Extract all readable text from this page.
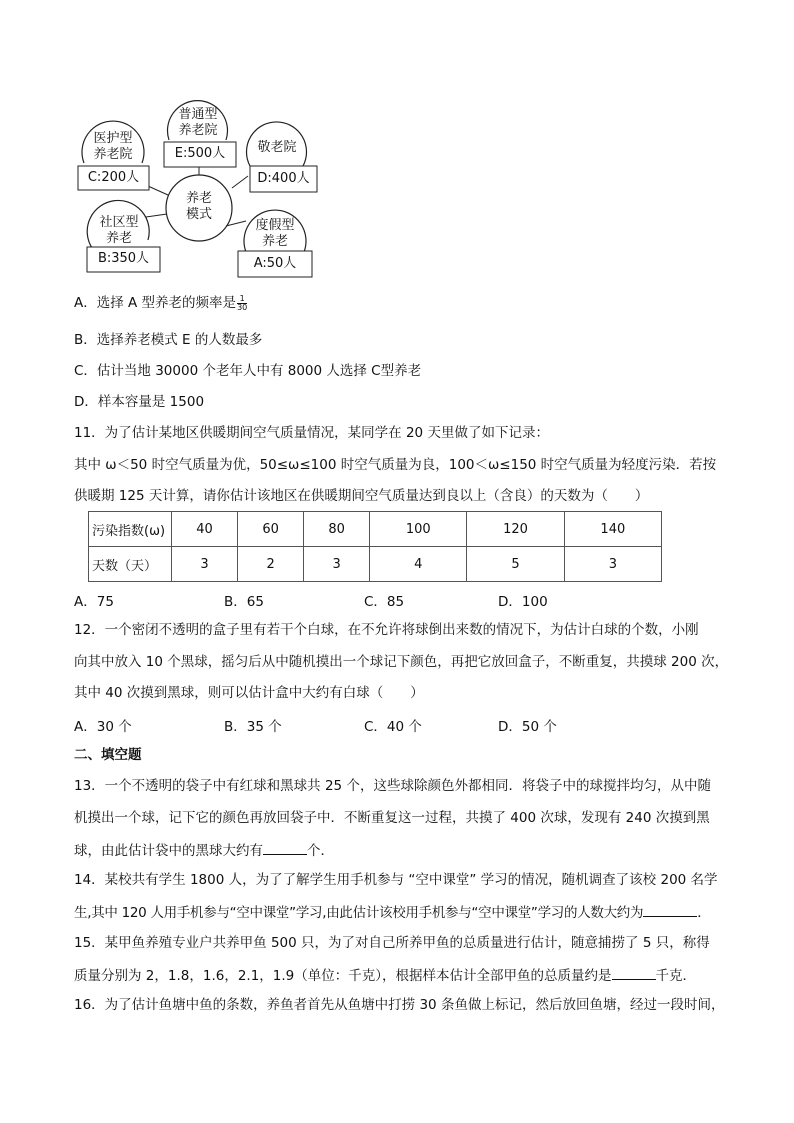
养老
模式
医护型
养老院
C:200人
普通型
养老院
E:500人	敬老院
D:400人
社区型
养老
B:350人
度假型
养老
A:50人
A．选择 A 型养老的频率是 $\frac{1}{30}$
B．选择养老模式 E 的人数最多
C．估计当地 30000 个老年人中有 8000 人选择 C型养老
D．样本容量是 1500
11．为了估计某地区供暖期间空气质量情况，某同学在 20 天里做了如下记录：
其中 ω＜50 时空气质量为优，50≤ω≤100 时空气质量为良，100＜ω≤150 时空气质量为轻度污染．若按
供暖期 125 天计算，请你估计该地区在供暖期间空气质量达到良以上（含良）的天数为（　　）
污染指数(ω)	40	60	80	100	120	140
天数（天）	3	2	3	4	5	3
A．75	B．65	C．85	D．100
12．一个密闭不透明的盒子里有若干个白球，在不允许将球倒出来数的情况下，为估计白球的个数，小刚
向其中放入 10 个黑球，摇匀后从中随机摸出一个球记下颜色，再把它放回盒子，不断重复，共摸球 200 次，
其中 40 次摸到黑球，则可以估计盒中大约有白球（　　）
A．30 个	B．35 个	C．40 个	D．50 个
二、填空题
13．一个不透明的袋子中有红球和黑球共 25 个，这些球除颜色外都相同．将袋子中的球搅拌均匀，从中随
机摸出一个球，记下它的颜色再放回袋子中．不断重复这一过程，共摸了 400 次球，发现有 240 次摸到黑
球，由此估计袋中的黑球大约有	个．
14．某校共有学生 1800 人，为了了解学生用手机参与 “空中课堂” 学习的情况，随机调查了该校 200 名学
生,其中 120 人用手机参与“空中课堂”学习,由此估计该校用手机参与“空中课堂”学习的人数大约为	．
15．某甲鱼养殖专业户共养甲鱼 500 只，为了对自己所养甲鱼的总质量进行估计，随意捕捞了 5 只，称得
质量分别为 2，1.8，1.6，2.1，1.9（单位：千克），根据样本估计全部甲鱼的总质量约是	千克．
16．为了估计鱼塘中鱼的条数，养鱼者首先从鱼塘中打捞 30 条鱼做上标记，然后放回鱼塘，经过一段时间，
